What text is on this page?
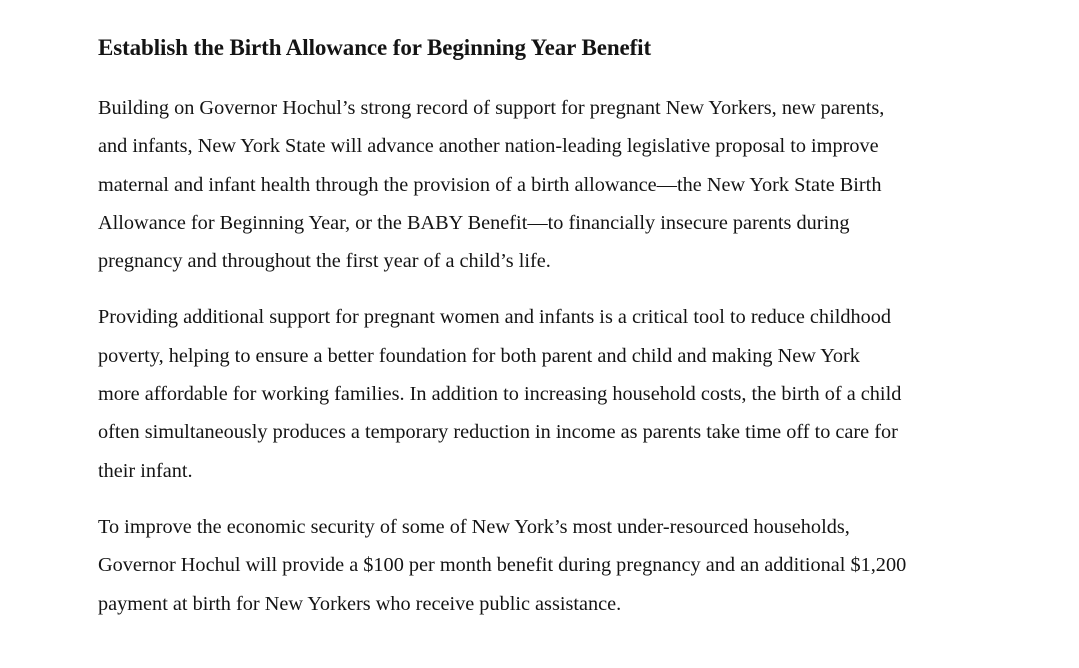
Establish the Birth Allowance for Beginning Year Benefit

Building on Governor Hochul’s strong record of support for pregnant New Yorkers, new parents,
and infants, New York State will advance another nation-leading legislative proposal to improve
maternal and infant health through the provision of a birth allowance—the New York State Birth
Allowance for Beginning Year, or the BABY Benefit—to financially insecure parents during
pregnancy and throughout the first year of a child’s life.

Providing additional support for pregnant women and infants is a critical tool to reduce childhood
poverty, helping to ensure a better foundation for both parent and child and making New York
more affordable for working families. In addition to increasing household costs, the birth of a child
often simultaneously produces a temporary reduction in income as parents take time off to care for
their infant.

To improve the economic security of some of New York’s most under-resourced households,
Governor Hochul will provide a $100 per month benefit during pregnancy and an additional $1,200
payment at birth for New Yorkers who receive public assistance.
